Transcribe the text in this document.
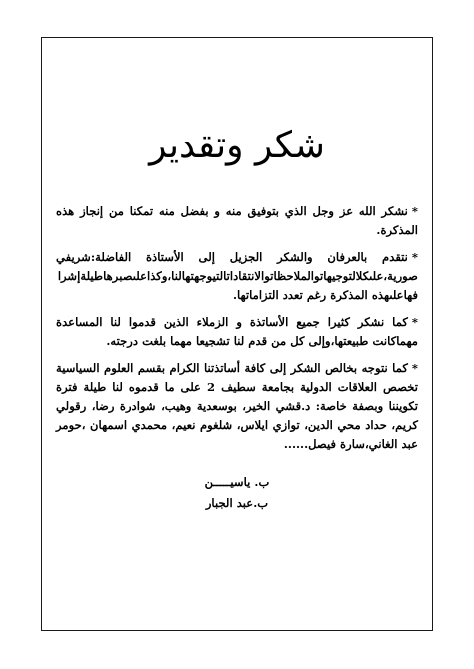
شكر وتقدير

*نشكر الله عز وجل الذي بتوفيق منه و بفضل منه تمكنا من إنجاز هذه المذكرة.

*نتقدم بالعرفان والشكر الجزيل إلى الأستاذة الفاضلة:شريفي صورية،علىكلالتوجيهاتوالملاحظاتوالانتقاداتالتيوجهتهالنا،وكذاعلىصبرهاطيلةإشرا فهاعلىهذه المذكرة رغم تعدد التزاماتها.

*كما نشكر كثيرا جميع الأساتذة و الزملاء الذين قدموا لنا المساعدة مهماكانت طبيعتها،وإلى كل من قدم لنا تشجيعا مهما بلغت درجته.

*كما نتوجه بخالص الشكر إلى كافة أساتذتنا الكرام بقسم العلوم السياسية تخصص العلاقات الدولية بجامعة سطيف 2 على ما قدموه لنا طيلة فترة تكويننا وبصفة خاصة: د.قشي الخير، بوسعدية وهيب، شوادرة رضا، رقولي كريم، حداد محي الدين، توازي ايلاس، شلغوم نعيم، محمدي اسمهان ،حومر عبد الغاني،سارة فيصل......

ب. ياسيـــــن
ب.عبد الجبار
